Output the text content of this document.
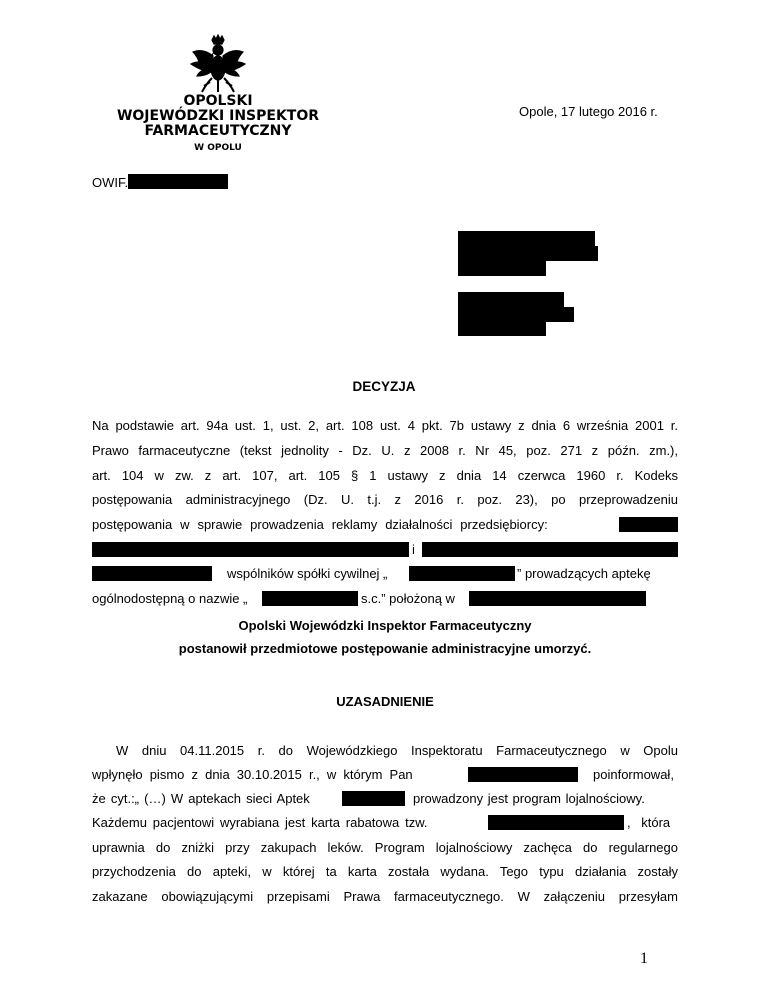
OPOLSKI
WOJEWÓDZKI INSPEKTOR
FARMACEUTYCZNY
W OPOLU
Opole, 17 lutego 2016 r.
OWIF.
DECYZJA
Na podstawie art. 94a ust. 1, ust. 2, art. 108 ust. 4 pkt. 7b ustawy z dnia 6 września 2001 r.
Prawo farmaceutyczne (tekst jednolity - Dz. U. z 2008 r. Nr 45, poz. 271 z późn. zm.),
art. 104 w zw. z art. 107, art. 105 § 1 ustawy z dnia 14 czerwca 1960 r. Kodeks
postępowania administracyjnego (Dz. U. t.j. z 2016 r. poz. 23), po przeprowadzeniu
postępowania w sprawie prowadzenia reklamy działalności przedsiębiorcy:
i
wspólników spółki cywilnej „	” prowadzących aptekę
ogólnodostępną o nazwie „	s.c.” położoną w
Opolski Wojewódzki Inspektor Farmaceutyczny
postanowił przedmiotowe postępowanie administracyjne umorzyć.
UZASADNIENIE
W dniu 04.11.2015 r. do Wojewódzkiego Inspektoratu Farmaceutycznego w Opolu
wpłynęło pismo z dnia 30.10.2015 r., w którym Pan	poinformował,
że cyt.:„ (…) W aptekach sieci Aptek	prowadzony jest program lojalnościowy.
Każdemu pacjentowi wyrabiana jest karta rabatowa tzw.	, która
uprawnia do zniżki przy zakupach leków. Program lojalnościowy zachęca do regularnego
przychodzenia do apteki, w której ta karta została wydana. Tego typu działania zostały
zakazane obowiązującymi przepisami Prawa farmaceutycznego. W załączeniu przesyłam
1
